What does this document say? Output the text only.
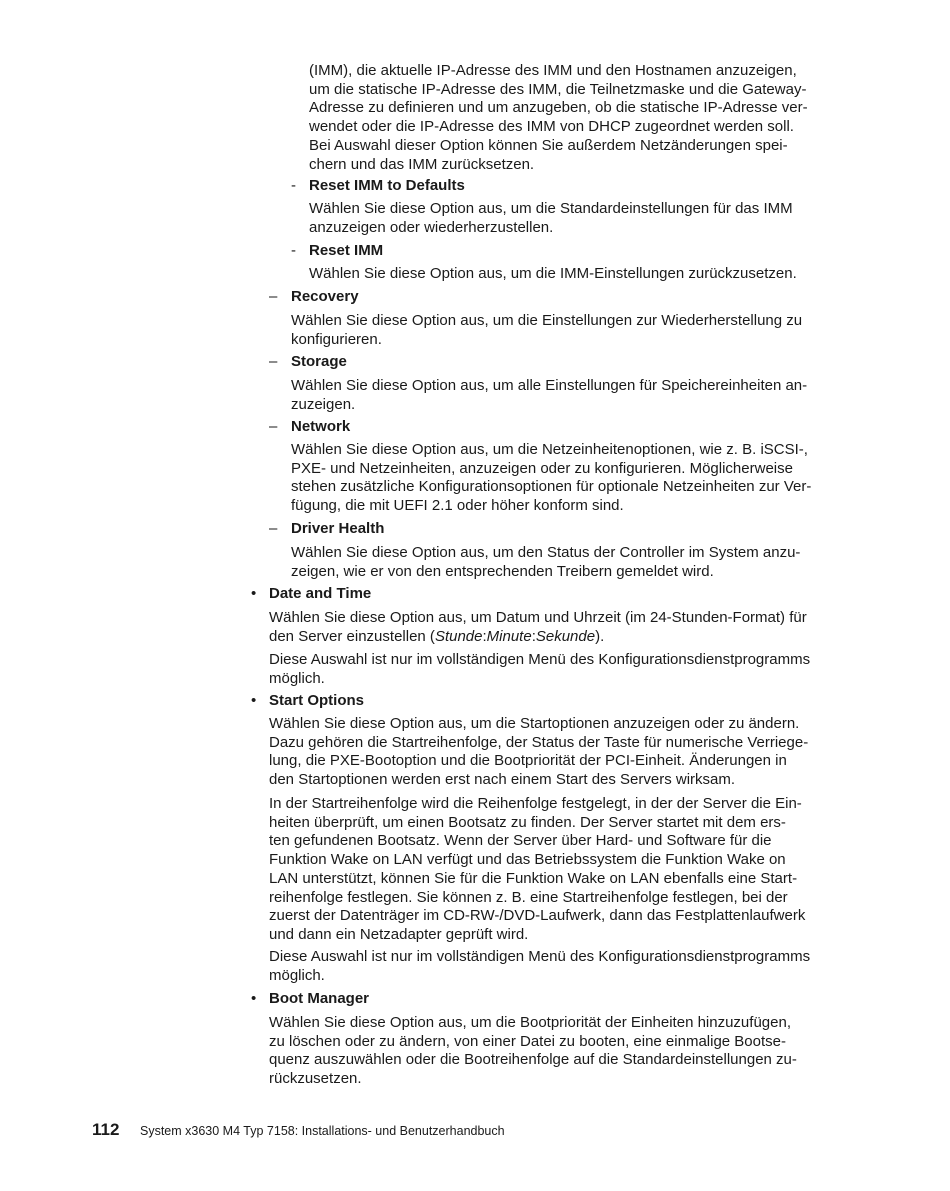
(IMM), die aktuelle IP-Adresse des IMM und den Hostnamen anzuzeigen,
um die statische IP-Adresse des IMM, die Teilnetzmaske und die Gateway-
Adresse zu definieren und um anzugeben, ob die statische IP-Adresse ver-
wendet oder die IP-Adresse des IMM von DHCP zugeordnet werden soll.
Bei Auswahl dieser Option können Sie außerdem Netzänderungen spei-
chern und das IMM zurücksetzen.
- Reset IMM to Defaults
Wählen Sie diese Option aus, um die Standardeinstellungen für das IMM
anzuzeigen oder wiederherzustellen.
- Reset IMM
Wählen Sie diese Option aus, um die IMM-Einstellungen zurückzusetzen.
– Recovery
Wählen Sie diese Option aus, um die Einstellungen zur Wiederherstellung zu
konfigurieren.
– Storage
Wählen Sie diese Option aus, um alle Einstellungen für Speichereinheiten an-
zuzeigen.
– Network
Wählen Sie diese Option aus, um die Netzeinheitenoptionen, wie z. B. iSCSI-,
PXE- und Netzeinheiten, anzuzeigen oder zu konfigurieren. Möglicherweise
stehen zusätzliche Konfigurationsoptionen für optionale Netzeinheiten zur Ver-
fügung, die mit UEFI 2.1 oder höher konform sind.
– Driver Health
Wählen Sie diese Option aus, um den Status der Controller im System anzu-
zeigen, wie er von den entsprechenden Treibern gemeldet wird.
• Date and Time
Wählen Sie diese Option aus, um Datum und Uhrzeit (im 24-Stunden-Format) für
den Server einzustellen (Stunde:Minute:Sekunde).
Diese Auswahl ist nur im vollständigen Menü des Konfigurationsdienstprogramms
möglich.
• Start Options
Wählen Sie diese Option aus, um die Startoptionen anzuzeigen oder zu ändern.
Dazu gehören die Startreihenfolge, der Status der Taste für numerische Verriege-
lung, die PXE-Bootoption und die Bootpriorität der PCI-Einheit. Änderungen in
den Startoptionen werden erst nach einem Start des Servers wirksam.
In der Startreihenfolge wird die Reihenfolge festgelegt, in der der Server die Ein-
heiten überprüft, um einen Bootsatz zu finden. Der Server startet mit dem ers-
ten gefundenen Bootsatz. Wenn der Server über Hard- und Software für die
Funktion Wake on LAN verfügt und das Betriebssystem die Funktion Wake on
LAN unterstützt, können Sie für die Funktion Wake on LAN ebenfalls eine Start-
reihenfolge festlegen. Sie können z. B. eine Startreihenfolge festlegen, bei der
zuerst der Datenträger im CD-RW-/DVD-Laufwerk, dann das Festplattenlaufwerk
und dann ein Netzadapter geprüft wird.
Diese Auswahl ist nur im vollständigen Menü des Konfigurationsdienstprogramms
möglich.
• Boot Manager
Wählen Sie diese Option aus, um die Bootpriorität der Einheiten hinzuzufügen,
zu löschen oder zu ändern, von einer Datei zu booten, eine einmalige Bootse-
quenz auszuwählen oder die Bootreihenfolge auf die Standardeinstellungen zu-
rückzusetzen.
112 System x3630 M4 Typ 7158: Installations- und Benutzerhandbuch
